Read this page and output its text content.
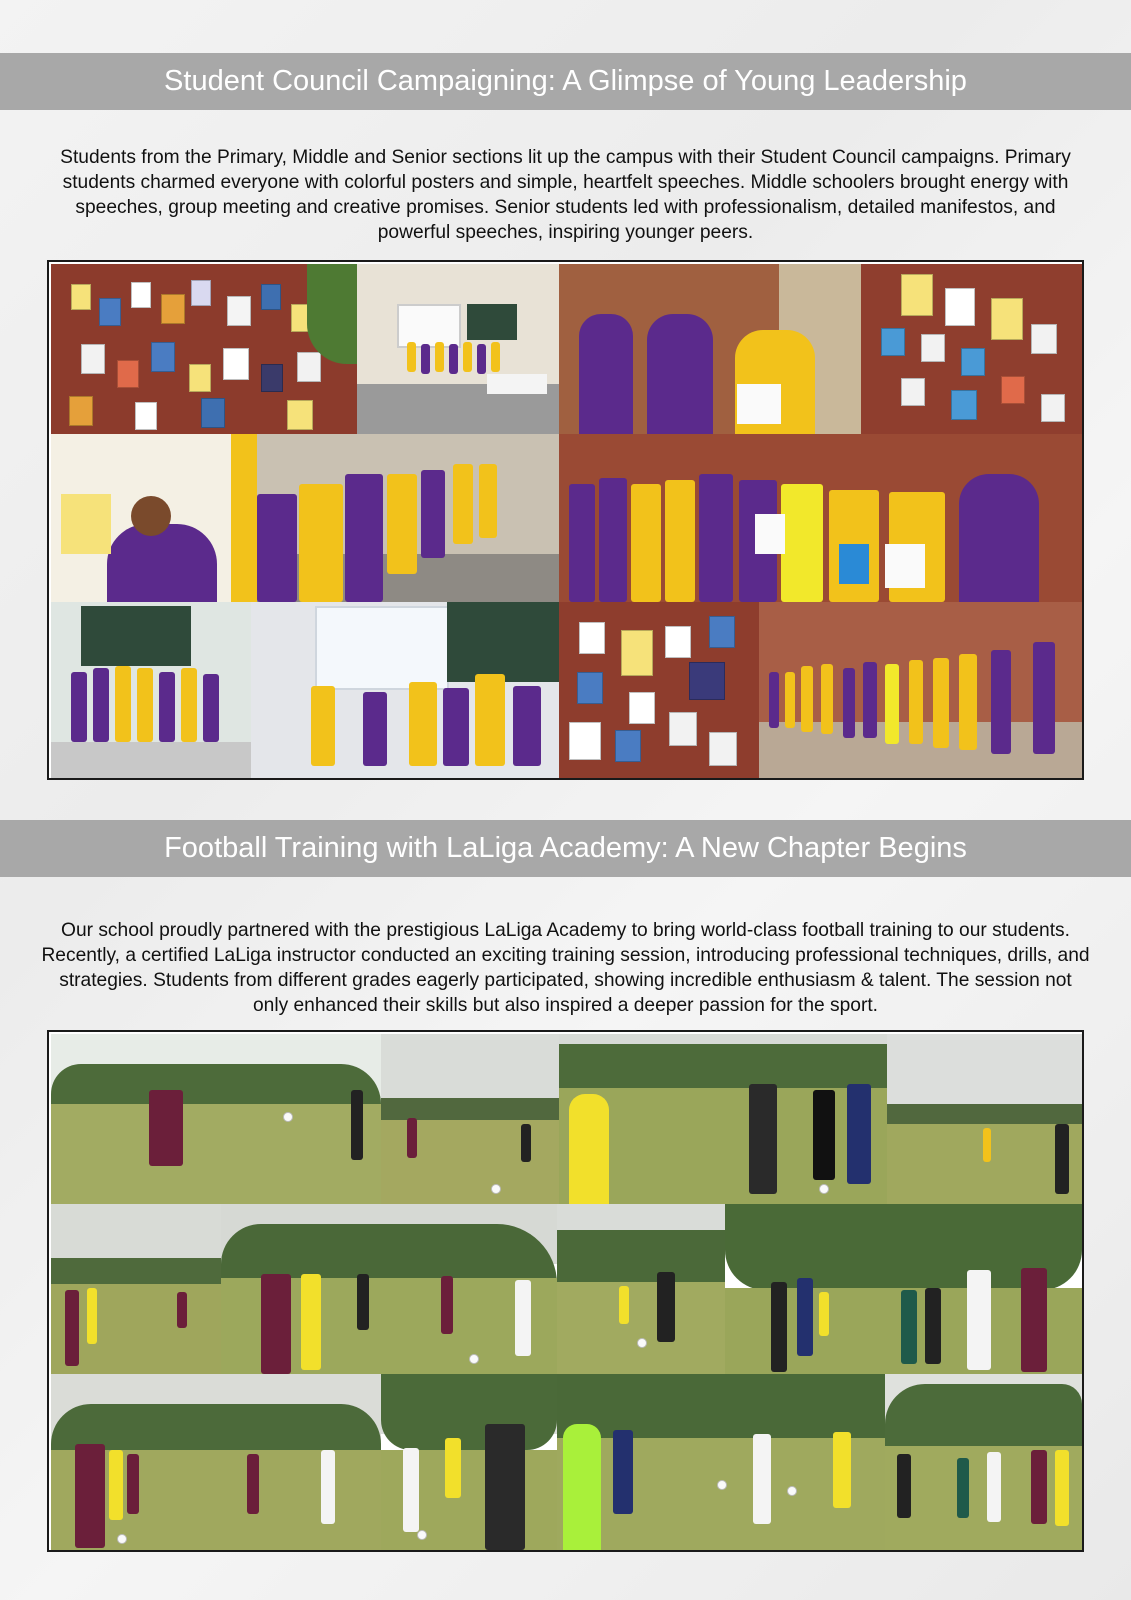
Student Council Campaigning: A Glimpse of Young Leadership
Students from the Primary, Middle and Senior sections lit up the campus with their Student Council campaigns. Primary students charmed everyone with colorful posters and simple, heartfelt speeches. Middle schoolers brought energy with speeches, group meeting and creative promises. Senior students led with professionalism, detailed manifestos, and powerful speeches, inspiring younger peers.
Football Training with LaLiga Academy: A New Chapter Begins
Our school proudly partnered with the prestigious LaLiga Academy to bring world-class football training to our students. Recently, a certified LaLiga instructor conducted an exciting training session, introducing professional techniques, drills, and strategies. Students from different grades eagerly participated, showing incredible enthusiasm & talent. The session not only enhanced their skills but also inspired a deeper passion for the sport.
